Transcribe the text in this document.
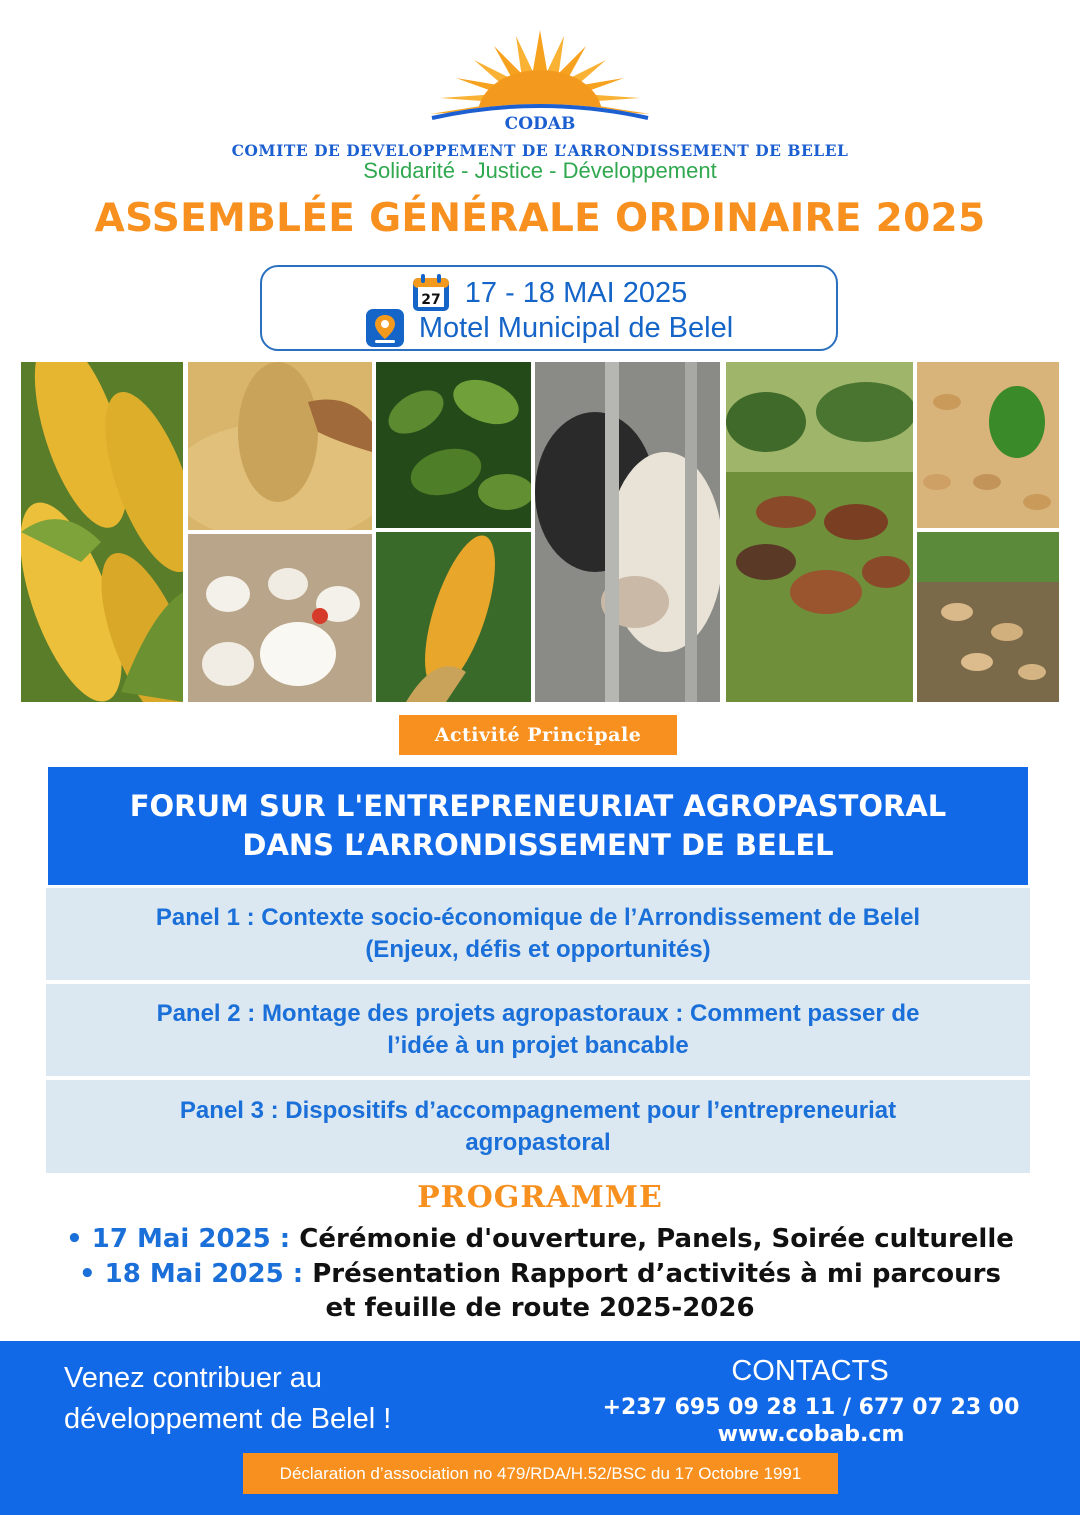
CODAB
COMITE DE DEVELOPPEMENT DE L’ARRONDISSEMENT DE BELEL
Solidarité - Justice - Développement
ASSEMBLÉE GÉNÉRALE ORDINAIRE 2025
27 17 - 18 MAI 2025
Motel Municipal de Belel
Activité Principale
FORUM SUR L'ENTREPRENEURIAT AGROPASTORAL
DANS L’ARRONDISSEMENT DE BELEL
Panel 1 : Contexte socio-économique de l’Arrondissement de Belel
(Enjeux, défis et opportunités)
Panel 2 : Montage des projets agropastoraux : Comment passer de
l’idée à un projet bancable
Panel 3 : Dispositifs d’accompagnement pour l’entrepreneuriat
agropastoral
PROGRAMME
• 17 Mai 2025 : Cérémonie d'ouverture, Panels, Soirée culturelle
• 18 Mai 2025 : Présentation Rapport d’activités à mi parcours
et feuille de route 2025-2026
Venez contribuer au
développement de Belel !
CONTACTS
+237 695 09 28 11 / 677 07 23 00
www.cobab.cm
Déclaration d’association no 479/RDA/H.52/BSC du 17 Octobre 1991
